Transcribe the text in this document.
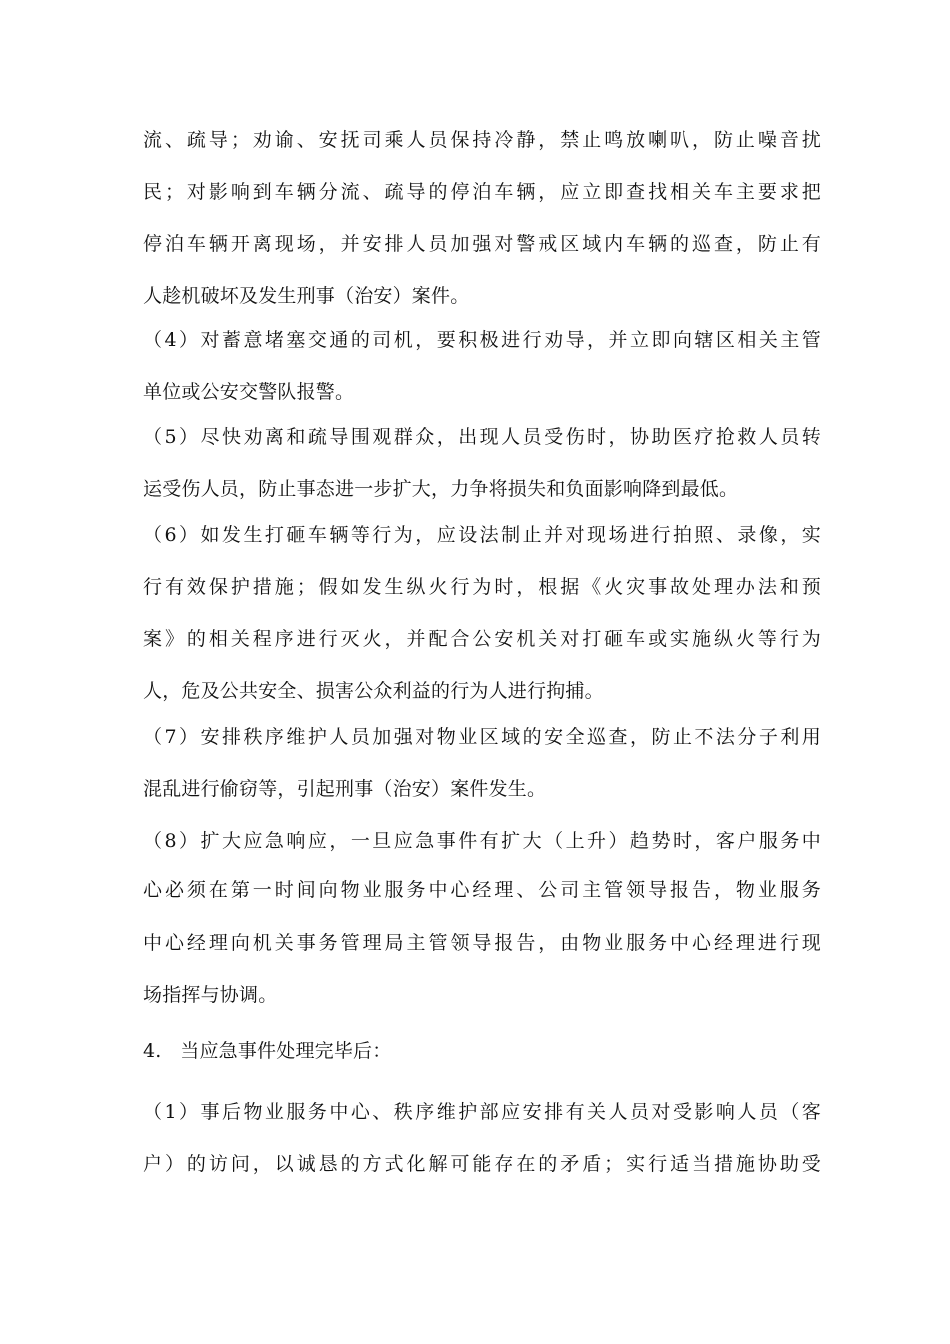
流、疏导；劝谕、安抚司乘人员保持冷静，禁止鸣放喇叭，防止噪音扰
民；对影响到车辆分流、疏导的停泊车辆，应立即查找相关车主要求把
停泊车辆开离现场，并安排人员加强对警戒区域内车辆的巡查，防止有
人趁机破坏及发生刑事（治安）案件。
（4）对蓄意堵塞交通的司机，要积极进行劝导，并立即向辖区相关主管
单位或公安交警队报警。
（5）尽快劝离和疏导围观群众，出现人员受伤时，协助医疗抢救人员转
运受伤人员，防止事态进一步扩大，力争将损失和负面影响降到最低。
（6）如发生打砸车辆等行为，应设法制止并对现场进行拍照、录像，实
行有效保护措施；假如发生纵火行为时，根据《火灾事故处理办法和预
案》的相关程序进行灭火，并配合公安机关对打砸车或实施纵火等行为
人，危及公共安全、损害公众利益的行为人进行拘捕。
（7）安排秩序维护人员加强对物业区域的安全巡查，防止不法分子利用
混乱进行偷窃等，引起刑事（治安）案件发生。
（8）扩大应急响应，一旦应急事件有扩大（上升）趋势时，客户服务中
心必须在第一时间向物业服务中心经理、公司主管领导报告，物业服务
中心经理向机关事务管理局主管领导报告，由物业服务中心经理进行现
场指挥与协调。
4.   当应急事件处理完毕后：
（1）事后物业服务中心、秩序维护部应安排有关人员对受影响人员（客
户）的访问，以诚恳的方式化解可能存在的矛盾；实行适当措施协助受
